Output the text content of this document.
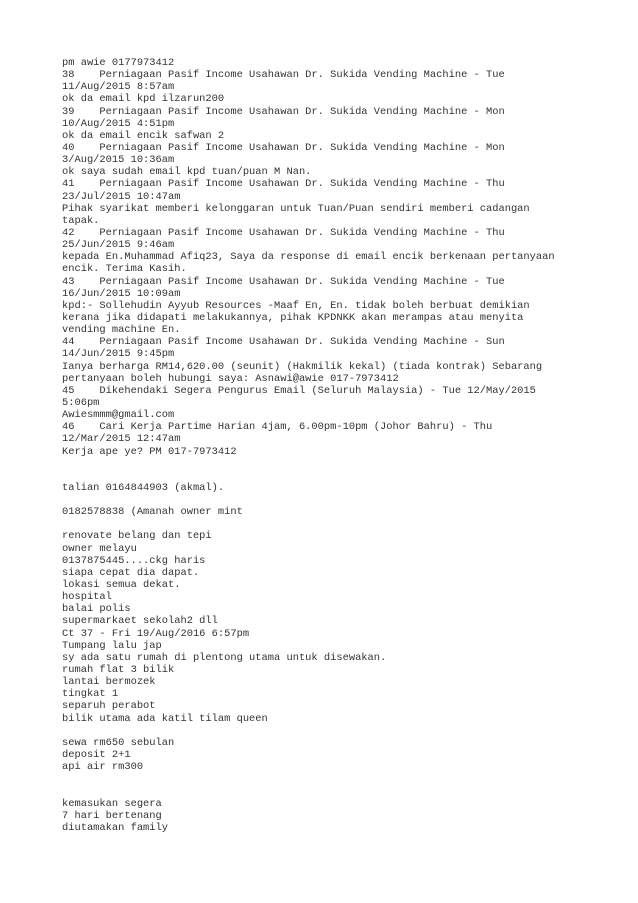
pm awie 0177973412
38    Perniagaan Pasif Income Usahawan Dr. Sukida Vending Machine - Tue
11/Aug/2015 8:57am
ok da email kpd ilzarun200
39    Perniagaan Pasif Income Usahawan Dr. Sukida Vending Machine - Mon
10/Aug/2015 4:51pm
ok da email encik safwan 2
40    Perniagaan Pasif Income Usahawan Dr. Sukida Vending Machine - Mon
3/Aug/2015 10:36am
ok saya sudah email kpd tuan/puan M Nan.
41    Perniagaan Pasif Income Usahawan Dr. Sukida Vending Machine - Thu
23/Jul/2015 10:47am
Pihak syarikat memberi kelonggaran untuk Tuan/Puan sendiri memberi cadangan
tapak.
42    Perniagaan Pasif Income Usahawan Dr. Sukida Vending Machine - Thu
25/Jun/2015 9:46am
kepada En.Muhammad Afiq23, Saya da response di email encik berkenaan pertanyaan
encik. Terima Kasih.
43    Perniagaan Pasif Income Usahawan Dr. Sukida Vending Machine - Tue
16/Jun/2015 10:09am
kpd:- Sollehudin Ayyub Resources -Maaf En, En. tidak boleh berbuat demikian
kerana jika didapati melakukannya, pihak KPDNKK akan merampas atau menyita
vending machine En.
44    Perniagaan Pasif Income Usahawan Dr. Sukida Vending Machine - Sun
14/Jun/2015 9:45pm
Ianya berharga RM14,620.00 (seunit) (Hakmilik kekal) (tiada kontrak) Sebarang
pertanyaan boleh hubungi saya: Asnawi@awie 017-7973412
45    Dikehendaki Segera Pengurus Email (Seluruh Malaysia) - Tue 12/May/2015
5:06pm
Awiesmmm@gmail.com
46    Cari Kerja Partime Harian 4jam, 6.00pm-10pm (Johor Bahru) - Thu
12/Mar/2015 12:47am
Kerja ape ye? PM 017-7973412
talian 0164844903 (akmal).
0182578838 (Amanah owner mint
renovate belang dan tepi
owner melayu
0137875445....ckg haris
siapa cepat dia dapat.
lokasi semua dekat.
hospital
balai polis
supermarkaet sekolah2 dll
Ct 37 - Fri 19/Aug/2016 6:57pm
Tumpang lalu jap
sy ada satu rumah di plentong utama untuk disewakan.
rumah flat 3 bilik
lantai bermozek
tingkat 1
separuh perabot
bilik utama ada katil tilam queen
sewa rm650 sebulan
deposit 2+1
api air rm300
kemasukan segera
7 hari bertenang
diutamakan family
